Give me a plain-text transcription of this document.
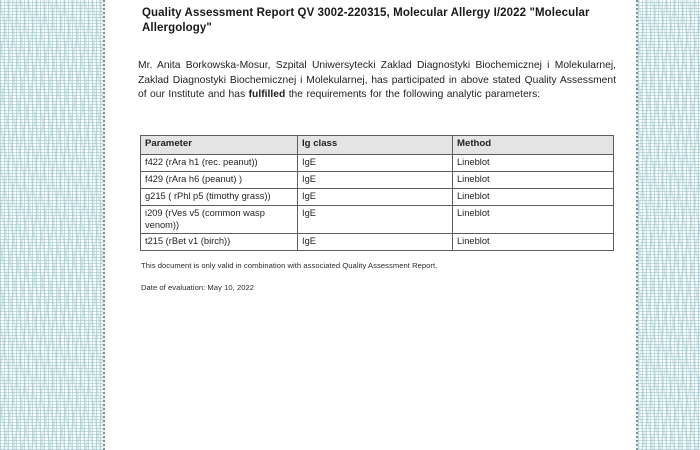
Quality Assessment Report QV 3002-220315, Molecular Allergy I/2022 "Molecular Allergology"
Mr. Anita Borkowska-Mosur, Szpital Uniwersytecki Zaklad Diagnostyki Biochemicznej i Molekularnej, Zaklad Diagnostyki Biochemicznej i Molekularnej, has participated in above stated Quality Assessment of our Institute and has fulfilled the requirements for the following analytic parameters:
Parameter	Ig class	Method
f422 (rAra h1 (rec. peanut))	IgE	Lineblot
f429 (rAra h6 (peanut) )	IgE	Lineblot
g215 ( rPhl p5 (timothy grass))	IgE	Lineblot
i209 (rVes v5 (common wasp venom))	IgE	Lineblot
t215 (rBet v1 (birch))	IgE	Lineblot
This document is only valid in combination with associated Quality Assessment Report.
Date of evaluation: May 10, 2022
